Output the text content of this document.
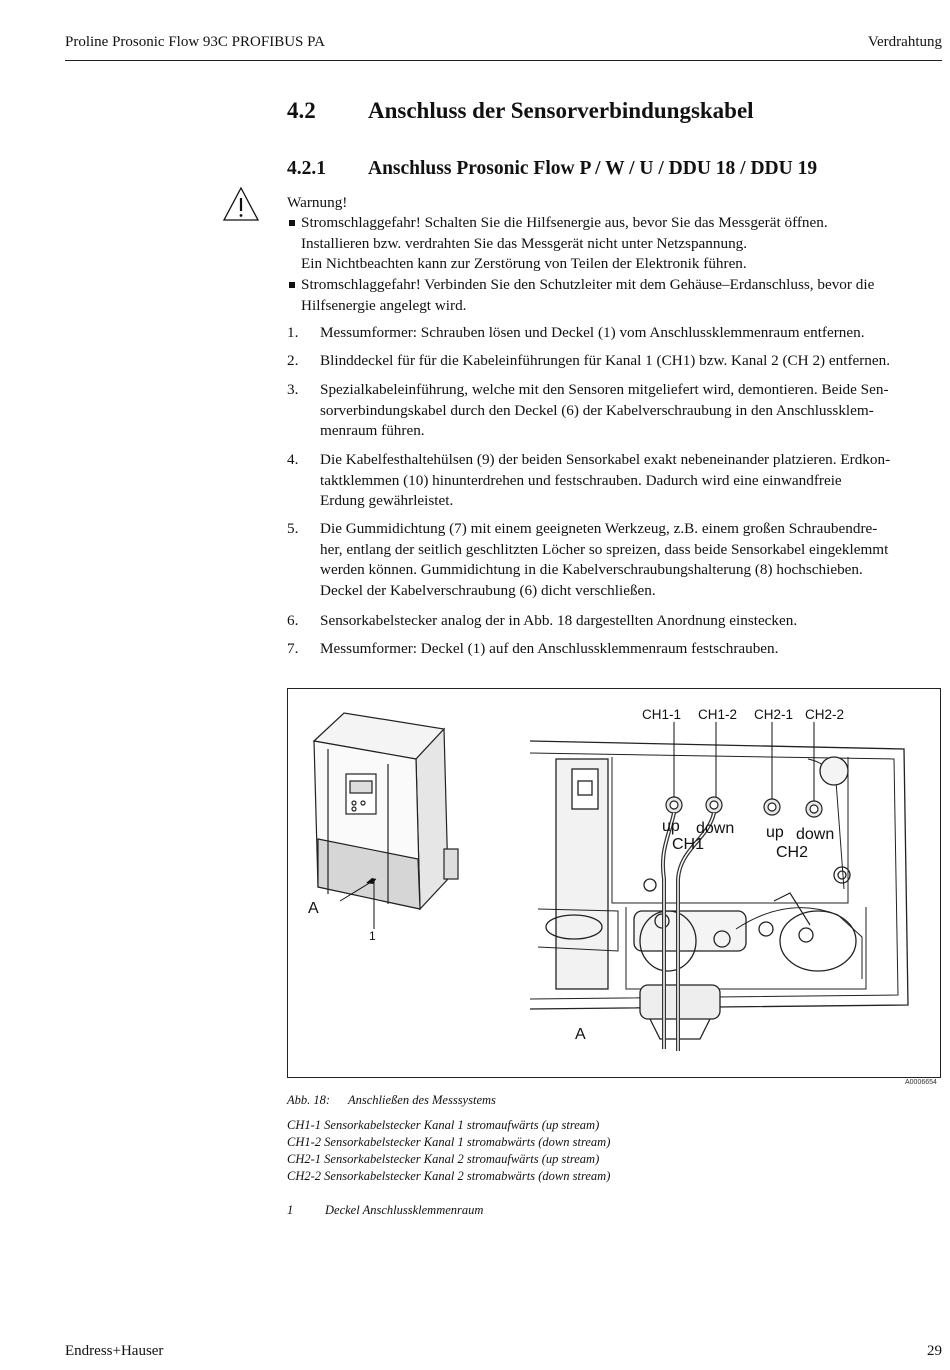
Proline Prosonic Flow 93C PROFIBUS PA	Verdrahtung
4.2 Anschluss der Sensorverbindungskabel
4.2.1 Anschluss Prosonic Flow P / W / U / DDU 18 / DDU 19
Warnung!
Stromschlaggefahr! Schalten Sie die Hilfsenergie aus, bevor Sie das Messgerät öffnen.
Installieren bzw. verdrahten Sie das Messgerät nicht unter Netzspannung.
Ein Nichtbeachten kann zur Zerstörung von Teilen der Elektronik führen.
Stromschlaggefahr! Verbinden Sie den Schutzleiter mit dem Gehäuse–Erdanschluss, bevor die
Hilfsenergie angelegt wird.
1. Messumformer: Schrauben lösen und Deckel (1) vom Anschlussklemmenraum entfernen.
2. Blinddeckel für für die Kabeleinführungen für Kanal 1 (CH1) bzw. Kanal 2 (CH 2) entfernen.
3. Spezialkabeleinführung, welche mit den Sensoren mitgeliefert wird, demontieren. Beide Sen-
sorverbindungskabel durch den Deckel (6) der Kabelverschraubung in den Anschlussklem-
menraum führen.
4. Die Kabelfesthaltehülsen (9) der beiden Sensorkabel exakt nebeneinander platzieren. Erdkon-
taktklemmen (10) hinunterdrehen und festschrauben. Dadurch wird eine einwandfreie
Erdung gewährleistet.
5. Die Gummidichtung (7) mit einem geeigneten Werkzeug, z.B. einem großen Schraubendre-
her, entlang der seitlich geschlitzten Löcher so spreizen, dass beide Sensorkabel eingeklemmt
werden können. Gummidichtung in die Kabelverschraubungshalterung (8) hochschieben.
Deckel der Kabelverschraubung (6) dicht verschließen.
6. Sensorkabelstecker analog der in Abb. 18 dargestellten Anordnung einstecken.
7. Messumformer: Deckel (1) auf den Anschlussklemmenraum festschrauben.
A
1
CH1-1 CH1-2 CH2-1 CH2-2
up down
CH1
up down
CH2
A
A0006654
Abb. 18: Anschließen des Messsystems
CH1-1 Sensorkabelstecker Kanal 1 stromaufwärts (up stream)
CH1-2 Sensorkabelstecker Kanal 1 stromabwärts (down stream)
CH2-1 Sensorkabelstecker Kanal 2 stromaufwärts (up stream)
CH2-2 Sensorkabelstecker Kanal 2 stromabwärts (down stream)
1	Deckel Anschlussklemmenraum
Endress+Hauser	29
